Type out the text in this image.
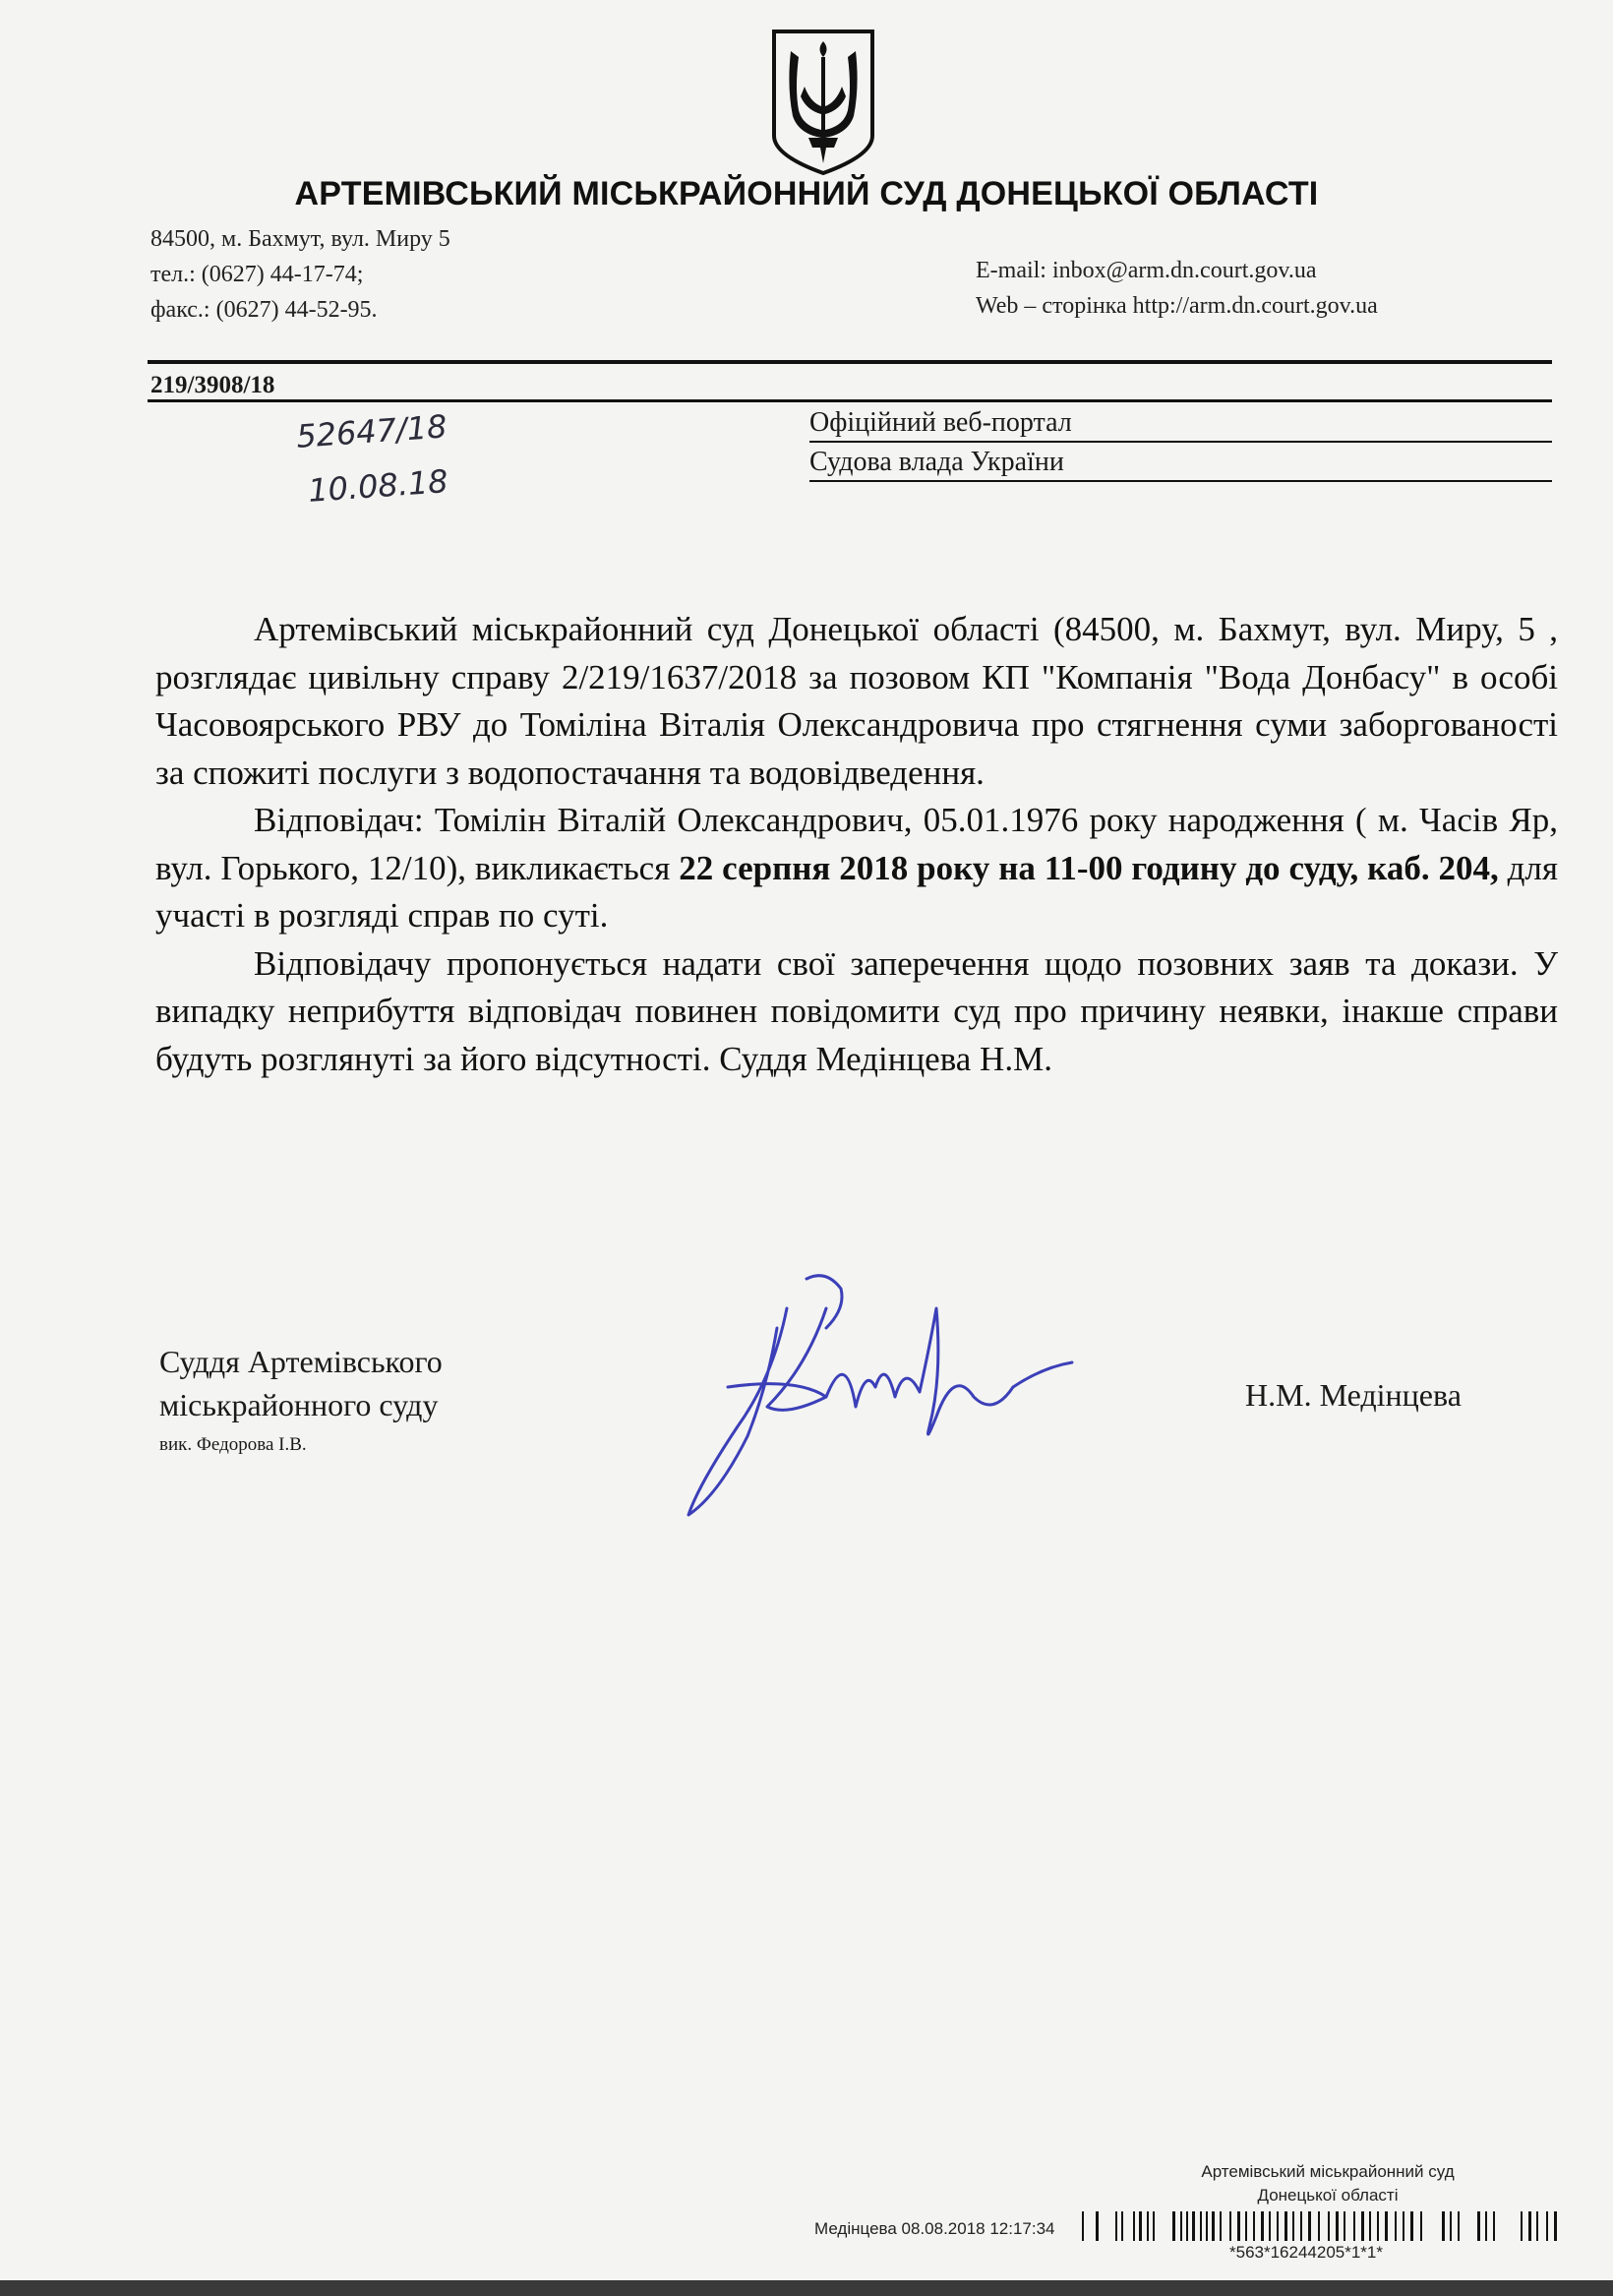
АРТЕМІВСЬКИЙ МІСЬКРАЙОННИЙ СУД ДОНЕЦЬКОЇ ОБЛАСТІ
84500, м. Бахмут, вул. Миру 5
тел.: (0627) 44-17-74;
факс.: (0627) 44-52-95.
E-mail: inbox@arm.dn.court.gov.ua
Web – сторінка http://arm.dn.court.gov.ua
219/3908/18
52647/18
10.08.18
Офіційний веб-портал
Судова влада України

Артемівський міськрайонний суд Донецької області (84500, м. Бахмут, вул. Миру, 5 , розглядає цивільну справу 2/219/1637/2018 за позовом КП "Компанія "Вода Донбасу" в особі Часовоярського РВУ до Томіліна Віталія Олександровича про стягнення суми заборгованості за спожиті послуги з водопостачання та водовідведення.

Відповідач: Томілін Віталій Олександрович, 05.01.1976 року народження ( м. Часів Яр, вул. Горького, 12/10), викликається 22 серпня 2018 року на 11-00 годину до суду, каб. 204, для участі в розгляді справ по суті.

Відповідачу пропонується надати свої заперечення щодо позовних заяв та докази. У випадку неприбуття відповідач повинен повідомити суд про причину неявки, інакше справи будуть розглянуті за його відсутності. Суддя Медінцева Н.М.

Суддя Артемівського
міськрайонного суду
вик. Федорова І.В.
Н.М. Медінцева
Артемівський міськрайонний суд
Донецької області
Медінцева 08.08.2018 12:17:34
*563*16244205*1*1*
